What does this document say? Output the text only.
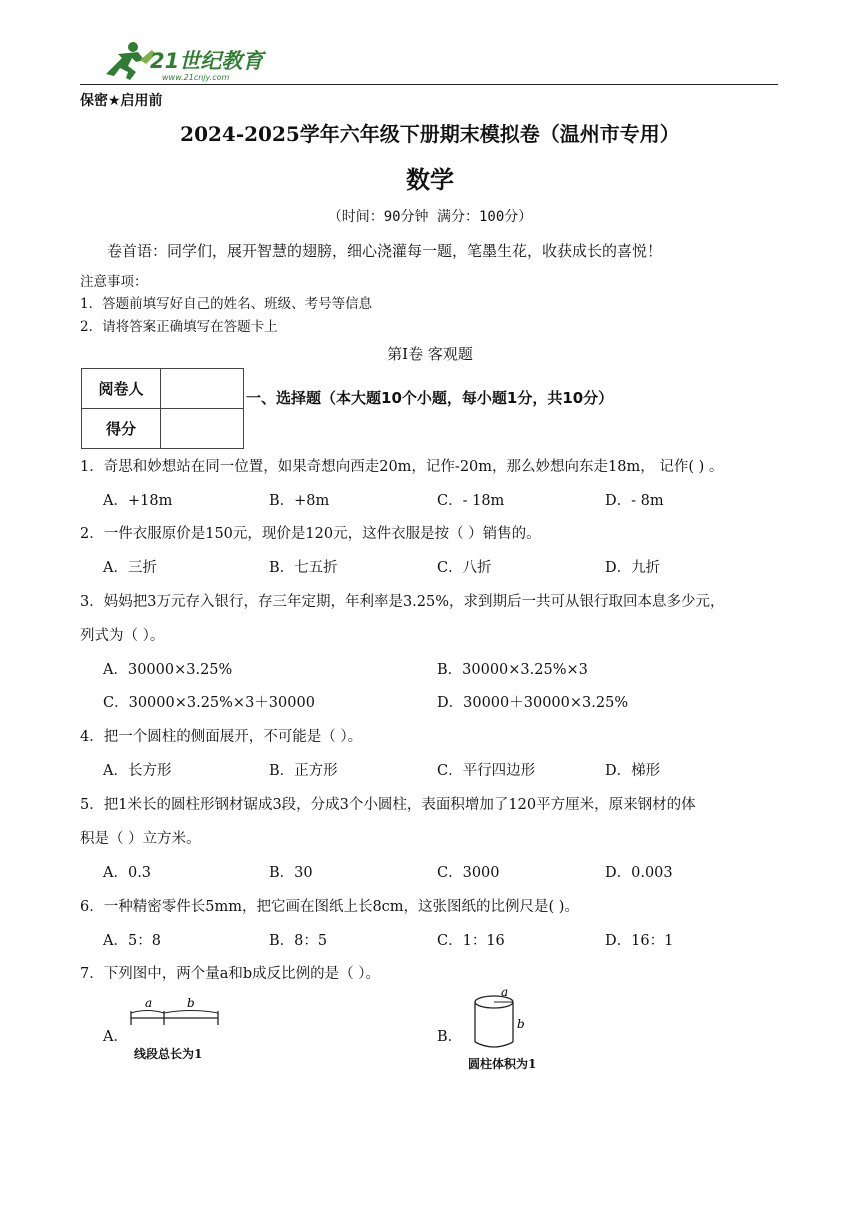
21世纪教育
www.21cnjy.com
保密★启用前
2024-2025学年六年级下册期末模拟卷（温州市专用）
数学
（时间：90分钟 满分：100分）
卷首语：同学们，展开智慧的翅膀，细心浇灌每一题，笔墨生花，收获成长的喜悦！
注意事项：
1．答题前填写好自己的姓名、班级、考号等信息
2．请将答案正确填写在答题卡上
第Ⅰ卷 客观题
阅卷人	
得分	
一、选择题（本大题10个小题，每小题1分，共10分）
1．奇思和妙想站在同一位置，如果奇想向西走20m，记作-20m，那么妙想向东走18m， 记作( ) 。
A．+18m	B．+8m	C．- 18m	D．- 8m
2．一件衣服原价是150元，现价是120元，这件衣服是按（ ）销售的。
A．三折	B．七五折	C．八折	D．九折
3．妈妈把3万元存入银行，存三年定期，年利率是3.25%，求到期后一共可从银行取回本息多少元，
列式为（ ）。
A．30000×3.25%	B．30000×3.25%×3
C．30000×3.25%×3＋30000	D．30000＋30000×3.25%
4．把一个圆柱的侧面展开，不可能是（ ）。
A．长方形	B．正方形	C．平行四边形	D．梯形
5．把1米长的圆柱形钢材锯成3段，分成3个小圆柱，表面积增加了120平方厘米，原来钢材的体
积是（ ）立方米。
A．0.3	B．30	C．3000	D．0.003
6．一种精密零件长5mm，把它画在图纸上长8cm，这张图纸的比例尺是( )。
A．5：8	B．8：5	C．1：16	D．16：1
7．下列图中，两个量a和b成反比例的是（ ）。
A．
a	b
线段总长为1
B．
a
b
圆柱体积为1
